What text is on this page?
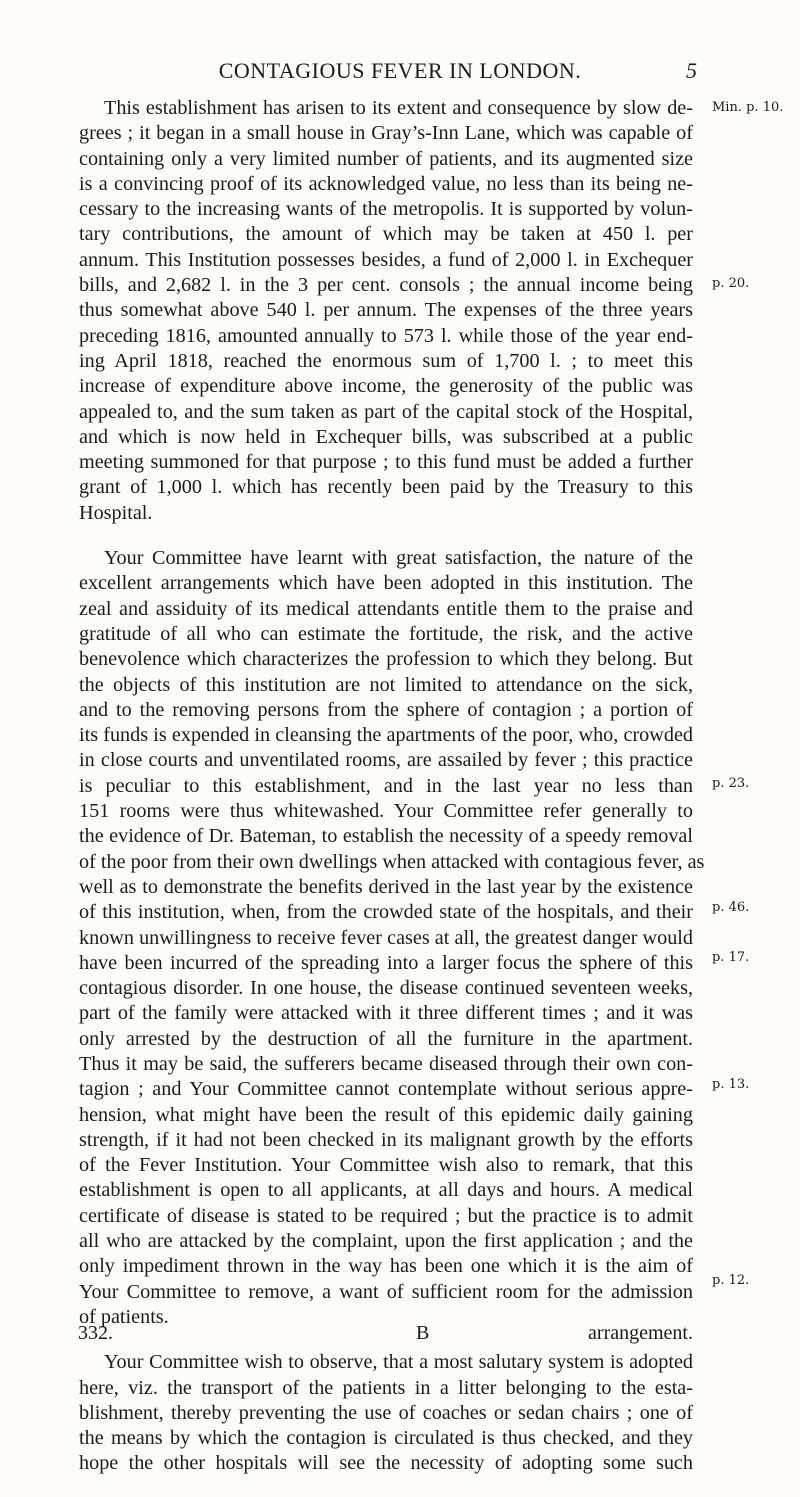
CONTAGIOUS FEVER IN LONDON.	5
This establishment has arisen to its extent and consequence by slow de-
grees ; it began in a small house in Gray’s-Inn Lane, which was capable of
containing only a very limited number of patients, and its augmented size
is a convincing proof of its acknowledged value, no less than its being ne-
cessary to the increasing wants of the metropolis. It is supported by volun-
tary contributions, the amount of which may be taken at 450 l. per
annum. This Institution possesses besides, a fund of 2,000 l. in Exchequer
bills, and 2,682 l. in the 3 per cent. consols ; the annual income being
thus somewhat above 540 l. per annum. The expenses of the three years
preceding 1816, amounted annually to 573 l. while those of the year end-
ing April 1818, reached the enormous sum of 1,700 l. ; to meet this
increase of expenditure above income, the generosity of the public was
appealed to, and the sum taken as part of the capital stock of the Hospital,
and which is now held in Exchequer bills, was subscribed at a public
meeting summoned for that purpose ; to this fund must be added a further
grant of 1,000 l. which has recently been paid by the Treasury to this
Hospital.
Your Committee have learnt with great satisfaction, the nature of the
excellent arrangements which have been adopted in this institution. The
zeal and assiduity of its medical attendants entitle them to the praise and
gratitude of all who can estimate the fortitude, the risk, and the active
benevolence which characterizes the profession to which they belong. But
the objects of this institution are not limited to attendance on the sick,
and to the removing persons from the sphere of contagion ; a portion of
its funds is expended in cleansing the apartments of the poor, who, crowded
in close courts and unventilated rooms, are assailed by fever ; this practice
is peculiar to this establishment, and in the last year no less than
151 rooms were thus whitewashed. Your Committee refer generally to
the evidence of Dr. Bateman, to establish the necessity of a speedy removal
of the poor from their own dwellings when attacked with contagious fever, as
well as to demonstrate the benefits derived in the last year by the existence
of this institution, when, from the crowded state of the hospitals, and their
known unwillingness to receive fever cases at all, the greatest danger would
have been incurred of the spreading into a larger focus the sphere of this
contagious disorder. In one house, the disease continued seventeen weeks,
part of the family were attacked with it three different times ; and it was
only arrested by the destruction of all the furniture in the apartment.
Thus it may be said, the sufferers became diseased through their own con-
tagion ; and Your Committee cannot contemplate without serious appre-
hension, what might have been the result of this epidemic daily gaining
strength, if it had not been checked in its malignant growth by the efforts
of the Fever Institution. Your Committee wish also to remark, that this
establishment is open to all applicants, at all days and hours. A medical
certificate of disease is stated to be required ; but the practice is to admit
all who are attacked by the complaint, upon the first application ; and the
only impediment thrown in the way has been one which it is the aim of
Your Committee to remove, a want of sufficient room for the admission
of patients.
Your Committee wish to observe, that a most salutary system is adopted
here, viz. the transport of the patients in a litter belonging to the esta-
blishment, thereby preventing the use of coaches or sedan chairs ; one of
the means by which the contagion is circulated is thus checked, and they
hope the other hospitals will see the necessity of adopting some such
Min. p. 10.
p. 20.
p. 23.
p. 46.
p. 17.
p. 13.
p. 12.
332.	B	arrangement.
